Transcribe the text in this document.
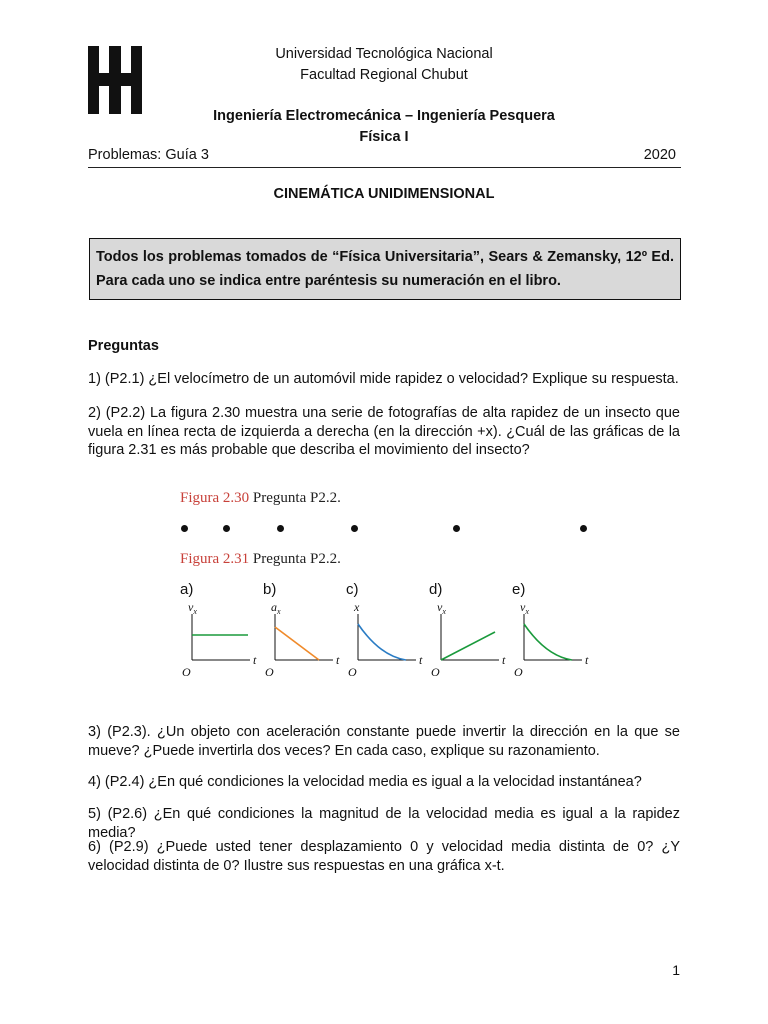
Universidad Tecnológica Nacional
Facultad Regional Chubut
Ingeniería Electromecánica – Ingeniería Pesquera
Física I
Problemas: Guía 3	2020
CINEMÁTICA UNIDIMENSIONAL
Todos los problemas tomados de “Física Universitaria”, Sears & Zemansky, 12º Ed.
Para cada uno se indica entre paréntesis su numeración en el libro.
Preguntas
1) (P2.1) ¿El velocímetro de un automóvil mide rapidez o velocidad? Explique su respuesta.
2) (P2.2) La figura 2.30 muestra una serie de fotografías de alta rapidez de un insecto que vuela en línea recta de izquierda a derecha (en la dirección +x). ¿Cuál de las gráficas de la figura 2.31 es más probable que describa el movimiento del insecto?
Figura 2.30 Pregunta P2.2.
Figura 2.31 Pregunta P2.2.
a)
$v_x$
t
O
b)
$a_x$
t
O
c)
x
t
O
d)
$v_x$
t
O
e)
$v_x$
t
O
3) (P2.3). ¿Un objeto con aceleración constante puede invertir la dirección en la que se mueve? ¿Puede invertirla dos veces? En cada caso, explique su razonamiento.
4) (P2.4) ¿En qué condiciones la velocidad media es igual a la velocidad instantánea?
5) (P2.6) ¿En qué condiciones la magnitud de la velocidad media es igual a la rapidez media?
6) (P2.9) ¿Puede usted tener desplazamiento 0 y velocidad media distinta de 0? ¿Y velocidad distinta de 0? Ilustre sus respuestas en una gráfica x-t.
1
